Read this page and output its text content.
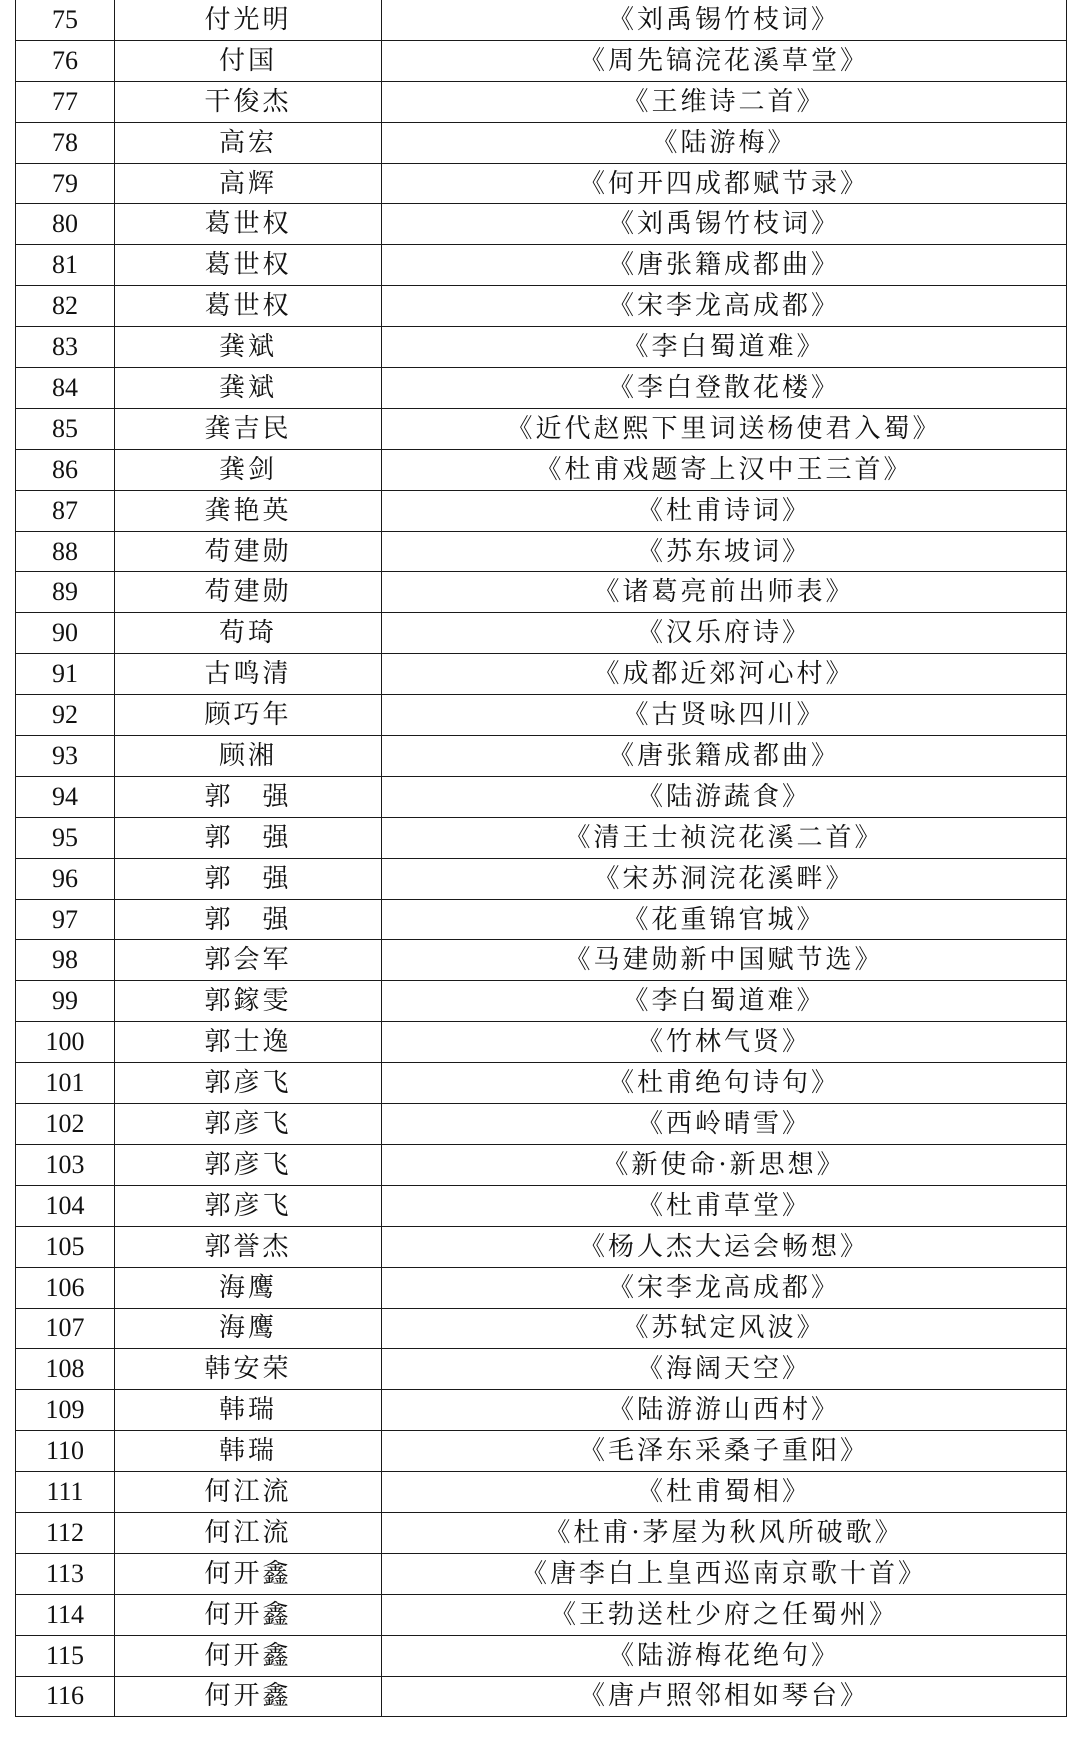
75	付光明	《刘禹锡竹枝词》
76	付国	《周先镐浣花溪草堂》
77	干俊杰	《王维诗二首》
78	高宏	《陆游梅》
79	高辉	《何开四成都赋节录》
80	葛世权	《刘禹锡竹枝词》
81	葛世权	《唐张籍成都曲》
82	葛世权	《宋李龙高成都》
83	龚斌	《李白蜀道难》
84	龚斌	《李白登散花楼》
85	龚吉民	《近代赵熙下里词送杨使君入蜀》
86	龚剑	《杜甫戏题寄上汉中王三首》
87	龚艳英	《杜甫诗词》
88	苟建勋	《苏东坡词》
89	苟建勋	《诸葛亮前出师表》
90	苟琦	《汉乐府诗》
91	古鸣清	《成都近郊河心村》
92	顾巧年	《古贤咏四川》
93	顾湘	《唐张籍成都曲》
94	郭　强	《陆游蔬食》
95	郭　强	《清王士祯浣花溪二首》
96	郭　强	《宋苏洞浣花溪畔》
97	郭　强	《花重锦官城》
98	郭会军	《马建勋新中国赋节选》
99	郭鎵雯	《李白蜀道难》
100	郭士逸	《竹林气贤》
101	郭彦飞	《杜甫绝句诗句》
102	郭彦飞	《西岭晴雪》
103	郭彦飞	《新使命·新思想》
104	郭彦飞	《杜甫草堂》
105	郭誉杰	《杨人杰大运会畅想》
106	海鹰	《宋李龙高成都》
107	海鹰	《苏轼定风波》
108	韩安荣	《海阔天空》
109	韩瑞	《陆游游山西村》
110	韩瑞	《毛泽东采桑子重阳》
111	何江流	《杜甫蜀相》
112	何江流	《杜甫·茅屋为秋风所破歌》
113	何开鑫	《唐李白上皇西巡南京歌十首》
114	何开鑫	《王勃送杜少府之任蜀州》
115	何开鑫	《陆游梅花绝句》
116	何开鑫	《唐卢照邻相如琴台》
